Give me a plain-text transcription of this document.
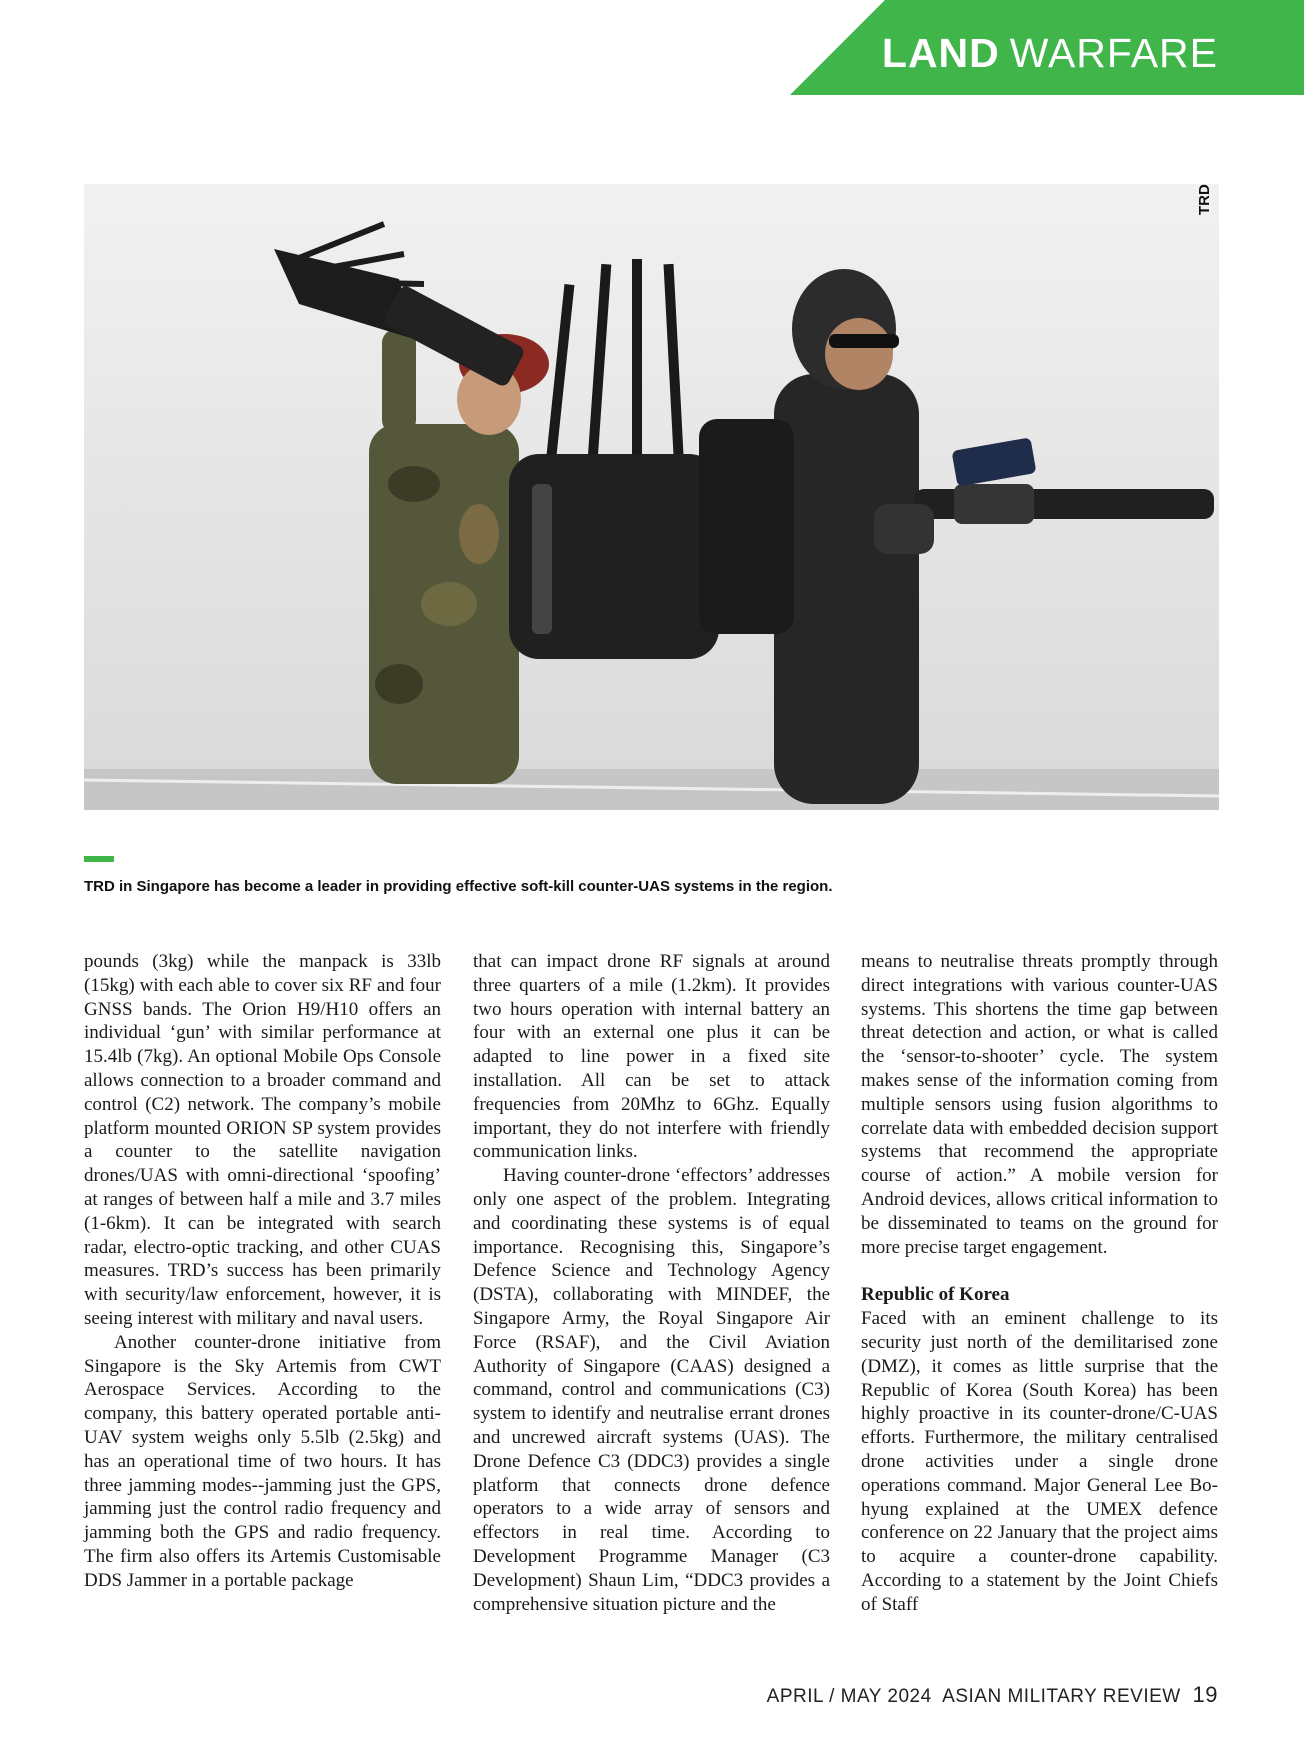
LAND WARFARE
TRD
TRD in Singapore has become a leader in providing effective soft-kill counter-UAS systems in the region.

pounds (3kg) while the manpack is 33lb (15kg) with each able to cover six RF and four GNSS bands. The Orion H9/H10 offers an individual ‘gun’ with similar performance at 15.4lb (7kg). An optional Mobile Ops Console allows connection to a broader command and control (C2) network. The company’s mobile platform mounted ORION SP system provides a counter to the satellite navigation drones/UAS with omni-directional ‘spoofing’ at ranges of between half a mile and 3.7 miles (1-6km). It can be integrated with search radar, electro-optic tracking, and other CUAS measures. TRD’s success has been primarily with security/law enforcement, however, it is seeing interest with military and naval users.

Another counter-drone initiative from Singapore is the Sky Artemis from CWT Aerospace Services. According to the company, this battery operated portable anti-UAV system weighs only 5.5lb (2.5kg) and has an operational time of two hours. It has three jamming modes--jamming just the GPS, jamming just the control radio frequency and jamming both the GPS and radio frequency. The firm also offers its Artemis Customisable DDS Jammer in a portable package

that can impact drone RF signals at around three quarters of a mile (1.2km). It provides two hours operation with internal battery an four with an external one plus it can be adapted to line power in a fixed site installation. All can be set to attack frequencies from 20Mhz to 6Ghz. Equally important, they do not interfere with friendly communication links.

Having counter-drone ‘effectors’ addresses only one aspect of the problem. Integrating and coordinating these systems is of equal importance. Recognising this, Singapore’s Defence Science and Technology Agency (DSTA), collaborating with MINDEF, the Singapore Army, the Royal Singapore Air Force (RSAF), and the Civil Aviation Authority of Singapore (CAAS) designed a command, control and communications (C3) system to identify and neutralise errant drones and uncrewed aircraft systems (UAS). The Drone Defence C3 (DDC3) provides a single platform that connects drone defence operators to a wide array of sensors and effectors in real time. According to Development Programme Manager (C3 Development) Shaun Lim, “DDC3 provides a comprehensive situation picture and the

means to neutralise threats promptly through direct integrations with various counter-UAS systems. This shortens the time gap between threat detection and action, or what is called the ‘sensor-to-shooter’ cycle. The system makes sense of the information coming from multiple sensors using fusion algorithms to correlate data with embedded decision support systems that recommend the appropriate course of action.” A mobile version for Android devices, allows critical information to be disseminated to teams on the ground for more precise target engagement.

Republic of Korea

Faced with an eminent challenge to its security just north of the demilitarised zone (DMZ), it comes as little surprise that the Republic of Korea (South Korea) has been highly proactive in its counter-drone/C-UAS efforts. Furthermore, the military centralised drone activities under a single drone operations command. Major General Lee Bo-hyung explained at the UMEX defence conference on 22 January that the project aims to acquire a counter-drone capability. According to a statement by the Joint Chiefs of Staff

APRIL / MAY 2024 ASIAN MILITARY REVIEW 19
